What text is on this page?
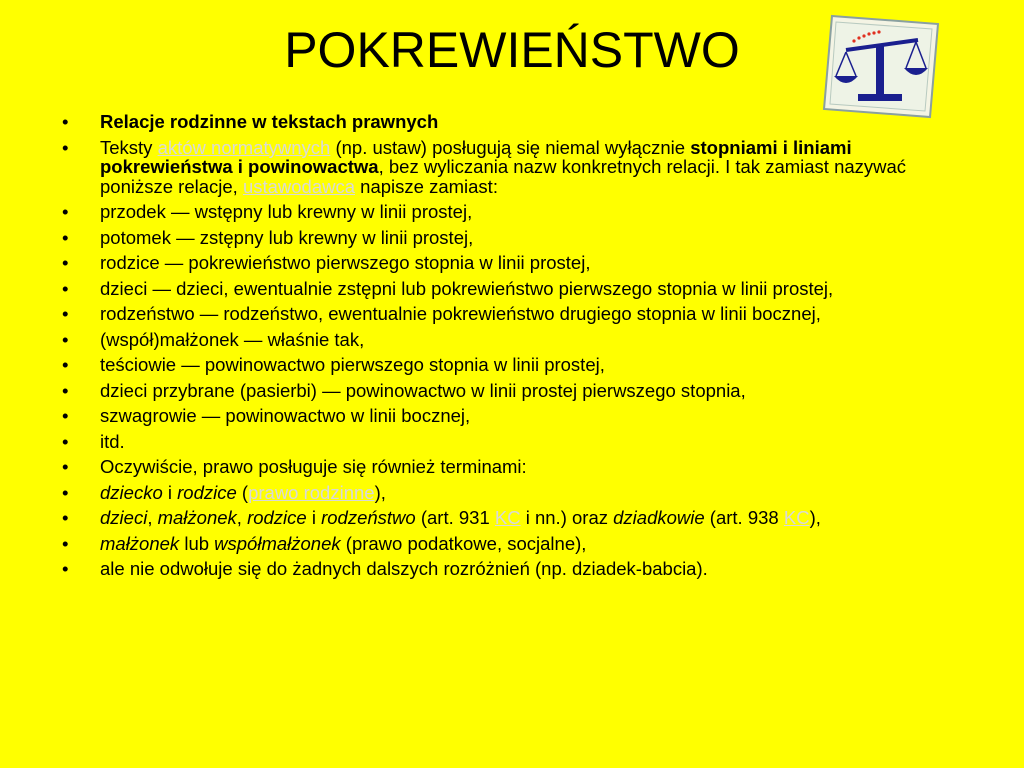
POKREWIEŃSTWO
• Relacje rodzinne w tekstach prawnych
• Teksty aktów normatywnych (np. ustaw) posługują się niemal wyłącznie stopniami i liniami pokrewieństwa i powinowactwa, bez wyliczania nazw konkretnych relacji. I tak zamiast nazywać poniższe relacje, ustawodawca napisze zamiast:
• przodek — wstępny lub krewny w linii prostej,
• potomek — zstępny lub krewny w linii prostej,
• rodzice — pokrewieństwo pierwszego stopnia w linii prostej,
• dzieci — dzieci, ewentualnie zstępni lub pokrewieństwo pierwszego stopnia w linii prostej,
• rodzeństwo — rodzeństwo, ewentualnie pokrewieństwo drugiego stopnia w linii bocznej,
• (współ)małżonek — właśnie tak,
• teściowie — powinowactwo pierwszego stopnia w linii prostej,
• dzieci przybrane (pasierbi) — powinowactwo w linii prostej pierwszego stopnia,
• szwagrowie — powinowactwo w linii bocznej,
• itd.
• Oczywiście, prawo posługuje się również terminami:
• dziecko i rodzice (prawo rodzinne),
• dzieci, małżonek, rodzice i rodzeństwo (art. 931 KC i nn.) oraz dziadkowie (art. 938 KC),
• małżonek lub współmałżonek (prawo podatkowe, socjalne),
• ale nie odwołuje się do żadnych dalszych rozróżnień (np. dziadek-babcia).
